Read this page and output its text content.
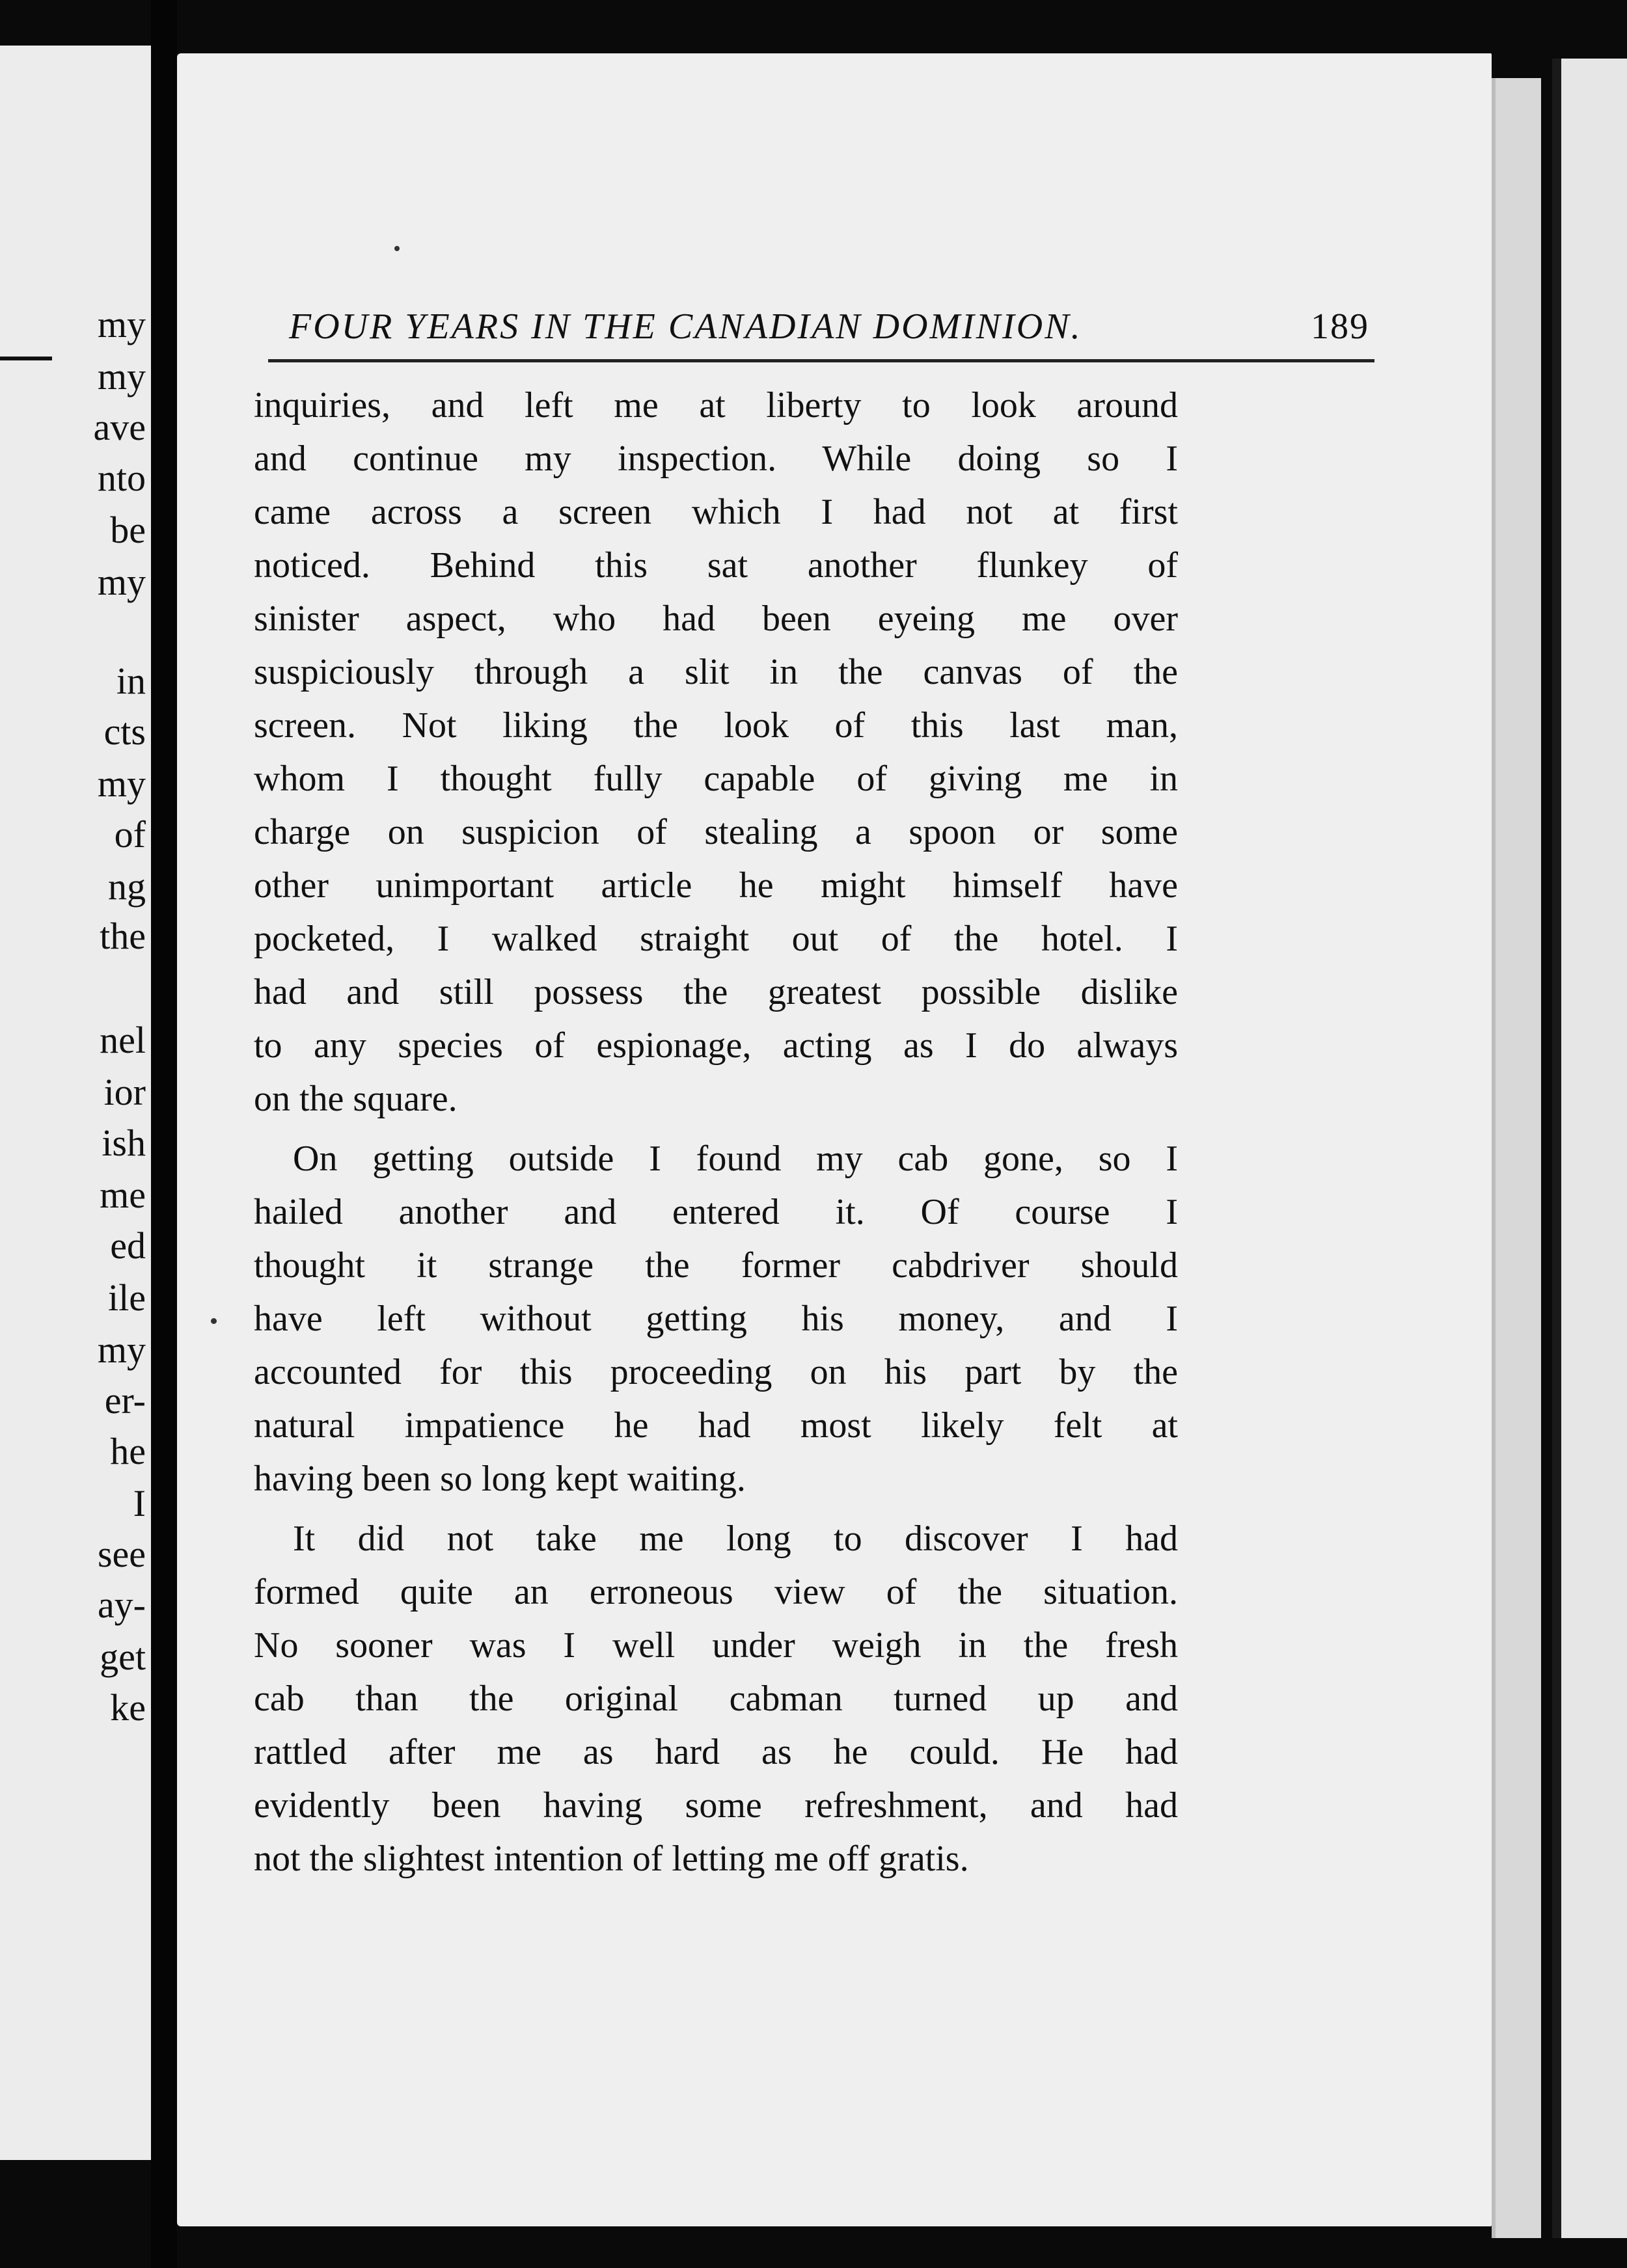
my
my
ave
nto
be
my
in
cts
my
of
ng
the
nel
ior
ish
me
ed
ile
my
er-
he
I
see
ay-
get
ke
FOUR YEARS IN THE CANADIAN DOMINION.	189
inquiries, and left me at liberty to look around
and continue my inspection. While doing so I
came across a screen which I had not at first
noticed. Behind this sat another flunkey of
sinister aspect, who had been eyeing me over
suspiciously through a slit in the canvas of the
screen. Not liking the look of this last man,
whom I thought fully capable of giving me in
charge on suspicion of stealing a spoon or some
other unimportant article he might himself have
pocketed, I walked straight out of the hotel. I
had and still possess the greatest possible dislike
to any species of espionage, acting as I do always
on the square.
On getting outside I found my cab gone, so I
hailed another and entered it. Of course I
thought it strange the former cabdriver should
have left without getting his money, and I
accounted for this proceeding on his part by the
natural impatience he had most likely felt at
having been so long kept waiting.
It did not take me long to discover I had
formed quite an erroneous view of the situation.
No sooner was I well under weigh in the fresh
cab than the original cabman turned up and
rattled after me as hard as he could. He had
evidently been having some refreshment, and had
not the slightest intention of letting me off gratis.
